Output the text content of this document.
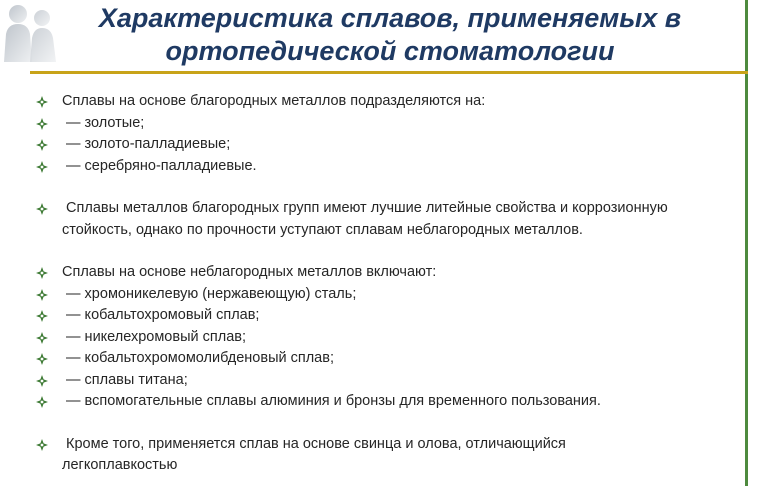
Характеристика сплавов, применяемых в
ортопедической стоматологии
Сплавы на основе благородных металлов подразделяются на:
— золотые;
— золото-палладиевые;
— серебряно-палладиевые.
Сплавы металлов благородных групп имеют лучшие литейные свойства и коррозионную стойкость, однако по прочности уступают сплавам неблагородных металлов.
Сплавы на основе неблагородных металлов включают:
— хромоникелевую (нержавеющую) сталь;
— кобальтохромовый сплав;
— никелехромовый сплав;
— кобальтохромомолибденовый сплав;
— сплавы титана;
— вспомогательные сплавы алюминия и бронзы для временного пользования.
Кроме того, применяется сплав на основе свинца и олова, отличающийся легкоплавкостью
